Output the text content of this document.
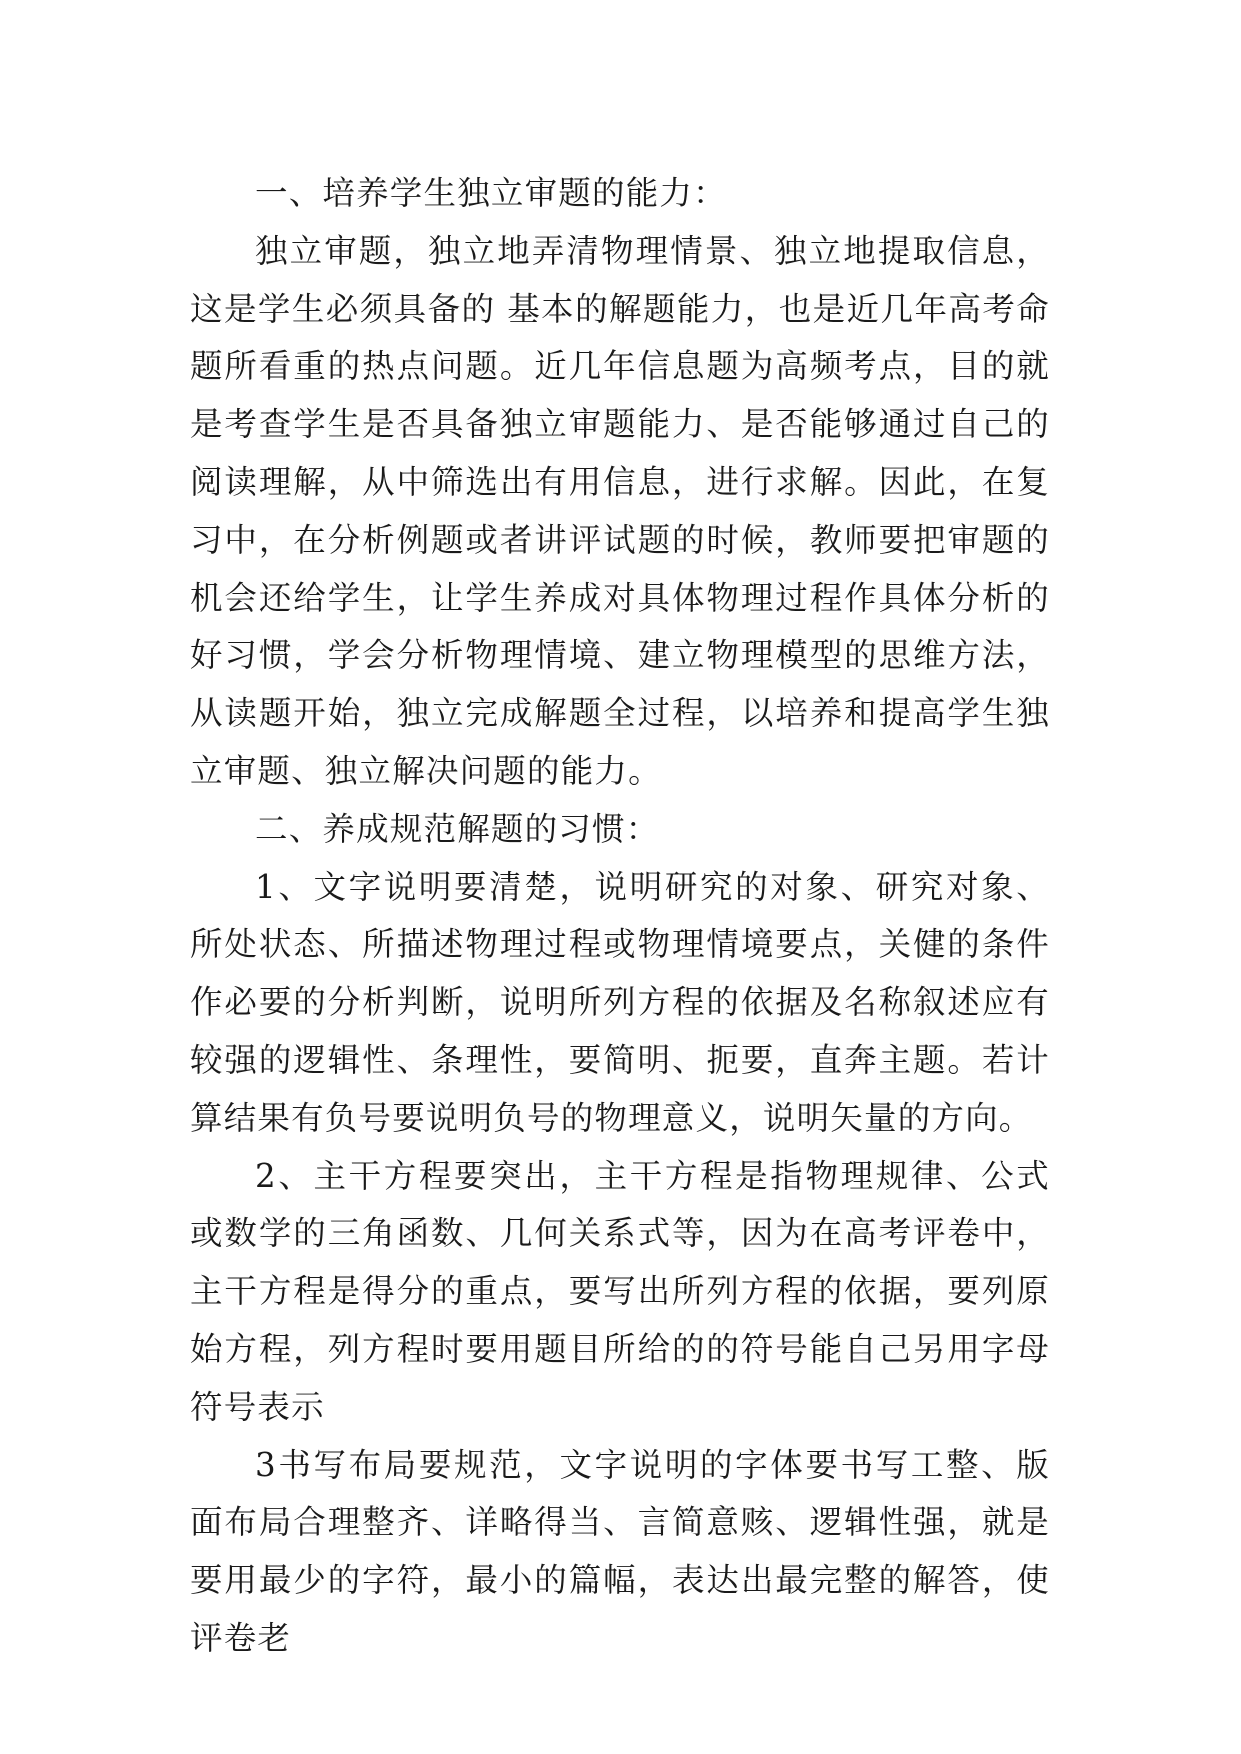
一、培养学生独立审题的能力：

独立审题，独立地弄清物理情景、独立地提取信息，这是学生必须具备的 基本的解题能力，也是近几年高考命题所看重的热点问题。近几年信息题为高频考点，目的就是考查学生是否具备独立审题能力、是否能够通过自己的阅读理解，从中筛选出有用信息，进行求解。因此，在复习中，在分析例题或者讲评试题的时候，教师要把审题的机会还给学生，让学生养成对具体物理过程作具体分析的好习惯，学会分析物理情境、建立物理模型的思维方法，从读题开始，独立完成解题全过程，以培养和提高学生独立审题、独立解决问题的能力。

二、养成规范解题的习惯：

1、文字说明要清楚，说明研究的对象、研究对象、所处状态、所描述物理过程或物理情境要点，关健的条件作必要的分析判断，说明所列方程的依据及名称叙述应有较强的逻辑性、条理性，要简明、扼要，直奔主题。若计算结果有负号要说明负号的物理意义，说明矢量的方向。

2、主干方程要突出，主干方程是指物理规律、公式或数学的三角函数、几何关系式等，因为在高考评卷中，主干方程是得分的重点，要写出所列方程的依据，要列原始方程，列方程时要用题目所给的的符号能自己另用字母符号表示

3书写布局要规范，文字说明的字体要书写工整、版面布局合理整齐、详略得当、言简意赅、逻辑性强，就是要用最少的字符，最小的篇幅，表达出最完整的解答，使评卷老
